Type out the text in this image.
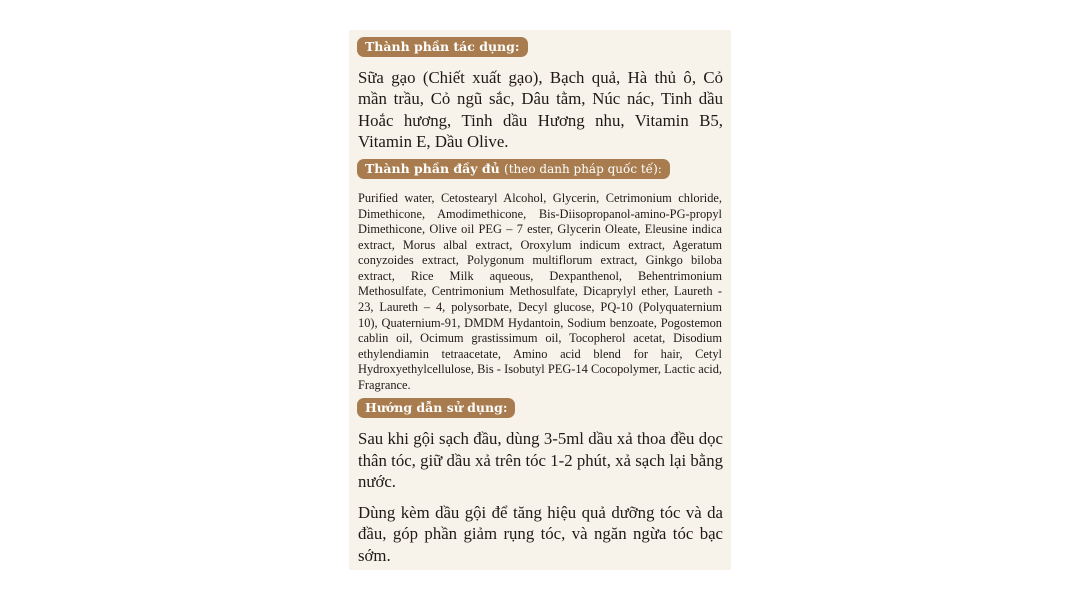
Thành phần tác dụng:

Sữa gạo (Chiết xuất gạo), Bạch quả, Hà thủ ô, Cỏ mần trầu, Cỏ ngũ sắc, Dâu tằm, Núc nác, Tinh dầu Hoắc hương, Tinh dầu Hương nhu, Vitamin B5, Vitamin E, Dầu Olive.

Thành phần đầy đủ (theo danh pháp quốc tế):

Purified water, Cetostearyl Alcohol, Glycerin, Cetrimonium chloride, Dimethicone, Amodimethicone, Bis-Diisopropanol-amino-PG-propyl Dimethicone, Olive oil PEG – 7 ester, Glycerin Oleate, Eleusine indica extract, Morus albal extract, Oroxylum indicum extract, Ageratum conyzoides extract, Polygonum multiflorum extract, Ginkgo biloba extract, Rice Milk aqueous, Dexpanthenol, Behentrimonium Methosulfate, Centrimonium Methosulfate, Dicaprylyl ether, Laureth - 23, Laureth – 4, polysorbate, Decyl glucose, PQ-10 (Polyquaternium 10), Quaternium-91, DMDM Hydantoin, Sodium benzoate, Pogostemon cablin oil, Ocimum grastissimum oil, Tocopherol acetat, Disodium ethylendiamin tetraacetate, Amino acid blend for hair, Cetyl Hydroxyethylcellulose, Bis - Isobutyl PEG-14 Cocopolymer, Lactic acid, Fragrance.

Hướng dẫn sử dụng:

Sau khi gội sạch đầu, dùng 3-5ml dầu xả thoa đều dọc thân tóc, giữ dầu xả trên tóc 1-2 phút, xả sạch lại bằng nước.

Dùng kèm dầu gội để tăng hiệu quả dưỡng tóc và da đầu, góp phần giảm rụng tóc, và ngăn ngừa tóc bạc sớm.
